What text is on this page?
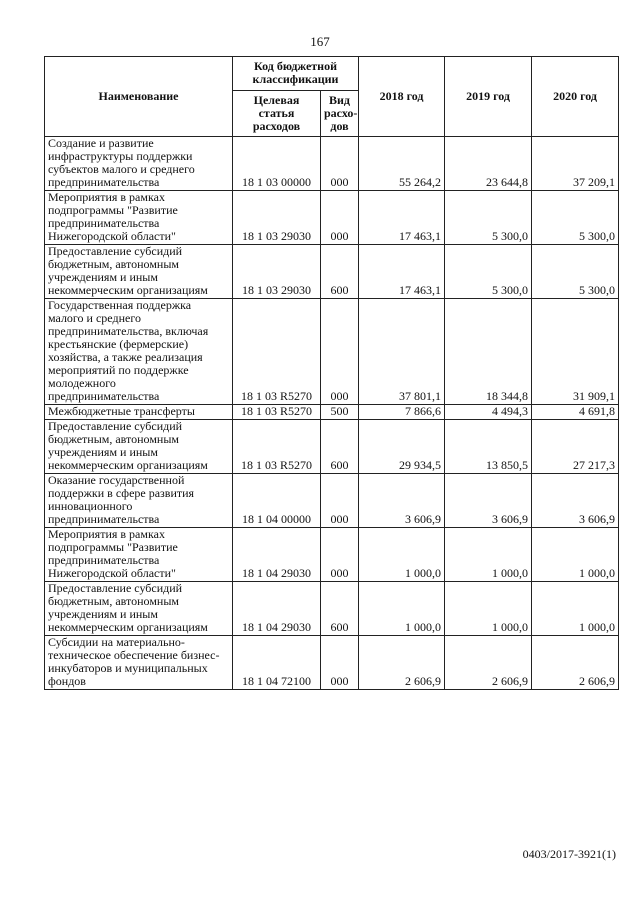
167
Наименование	Код бюджетной классификации		2018 год	2019 год	2020 год
	Целевая статья расходов	Вид расхо- дов			
Создание и развитие инфраструктуры поддержки субъектов малого и среднего предпринимательства	18 1 03 00000	000	55 264,2	23 644,8	37 209,1
Мероприятия в рамках подпрограммы "Развитие предпринимательства Нижегородской области"	18 1 03 29030	000	17 463,1	5 300,0	5 300,0
Предоставление субсидий бюджетным, автономным учреждениям и иным некоммерческим организациям	18 1 03 29030	600	17 463,1	5 300,0	5 300,0
Государственная поддержка малого и среднего предпринимательства, включая крестьянские (фермерские) хозяйства, а также реализация мероприятий по поддержке молодежного предпринимательства	18 1 03 R5270	000	37 801,1	18 344,8	31 909,1
Межбюджетные трансферты	18 1 03 R5270	500	7 866,6	4 494,3	4 691,8
Предоставление субсидий бюджетным, автономным учреждениям и иным некоммерческим организациям	18 1 03 R5270	600	29 934,5	13 850,5	27 217,3
Оказание государственной поддержки в сфере развития инновационного предпринимательства	18 1 04 00000	000	3 606,9	3 606,9	3 606,9
Мероприятия в рамках подпрограммы "Развитие предпринимательства Нижегородской области"	18 1 04 29030	000	1 000,0	1 000,0	1 000,0
Предоставление субсидий бюджетным, автономным учреждениям и иным некоммерческим организациям	18 1 04 29030	600	1 000,0	1 000,0	1 000,0
Субсидии на материально-техническое обеспечение бизнес-инкубаторов и муниципальных фондов	18 1 04 72100	000	2 606,9	2 606,9	2 606,9
0403/2017-3921(1)
